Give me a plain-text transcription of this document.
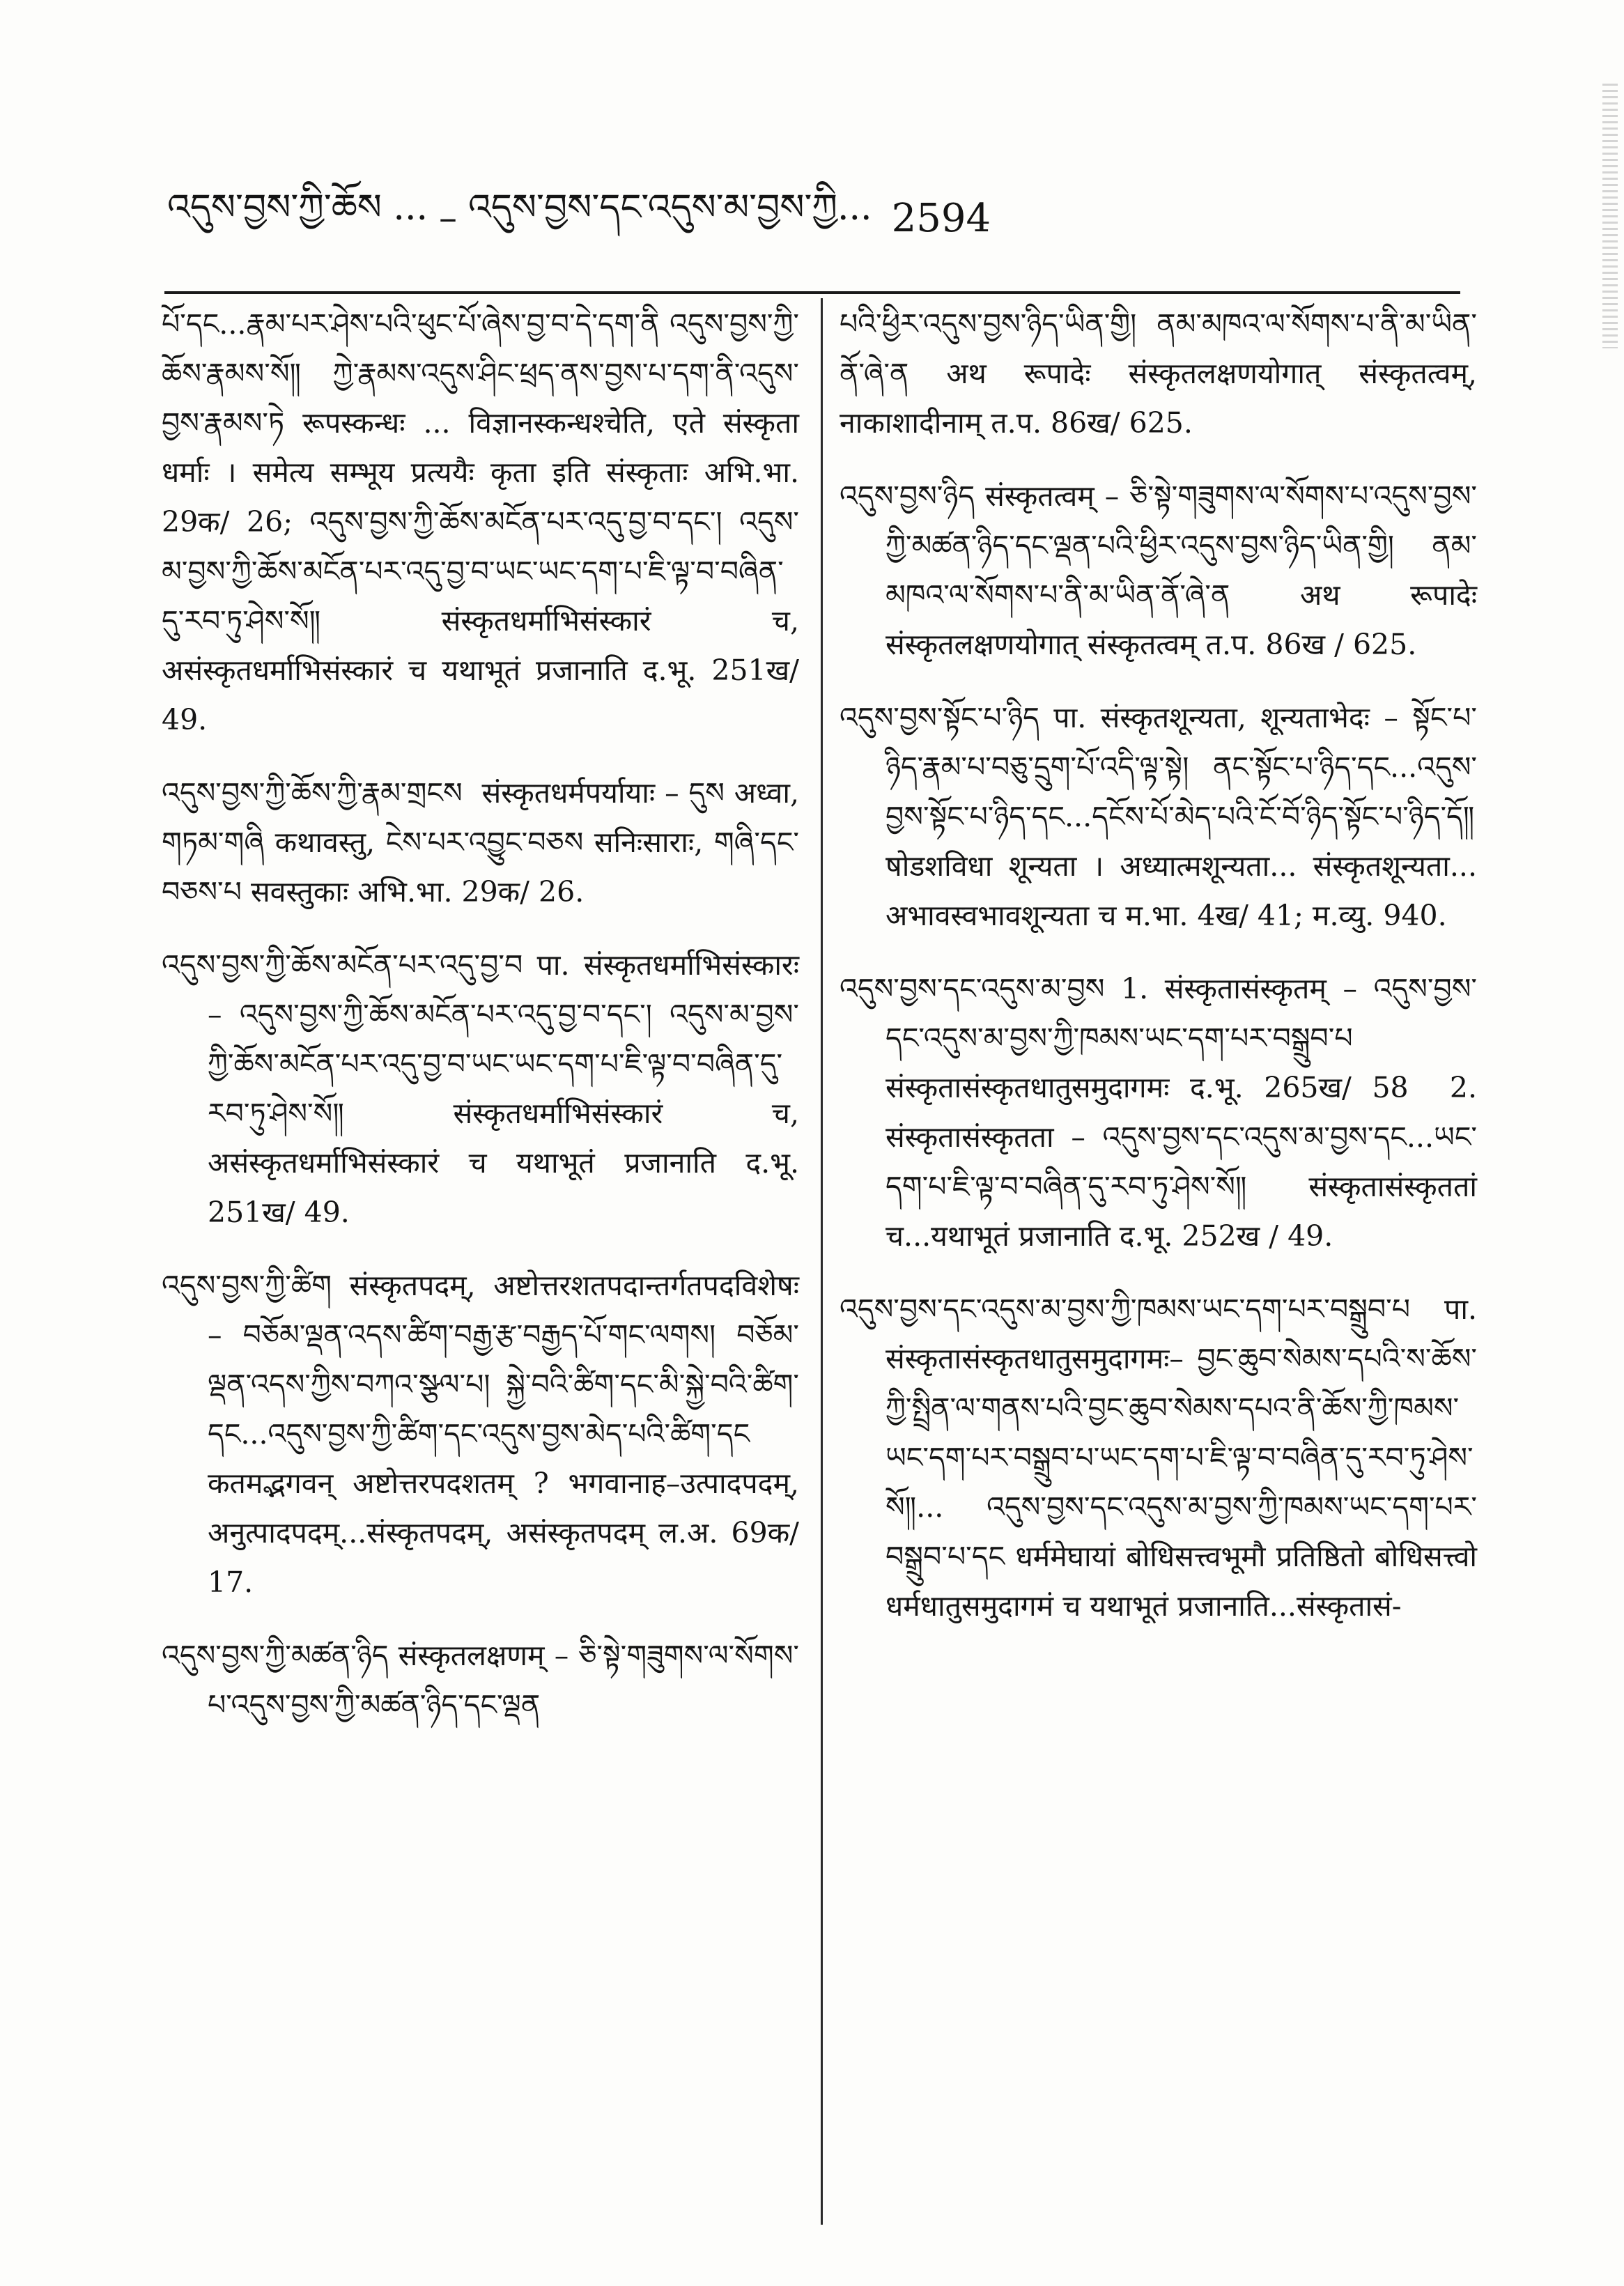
འདུས་བྱས་ཀྱི་ཆོས ... – འདུས་བྱས་དང་འདུས་མ་བྱས་ཀྱི... 2594

པོ་དང...རྣམ་པར་ཤེས་པའི་ཕུང་པོ་ཞེས་བྱ་བ་དེ་དག་ནི འདུས་བྱས་ཀྱི་ཆོས་རྣམས་སོ༎ ཀྱེ་རྣམས་འདུས་ཤིང་ཕྲད་ནས་བྱས་པ་དག་ནི་འདུས་བྱས་རྣམས་ཏེ रूपस्कन्धः ... विज्ञानस्कन्धश्चेति, एते संस्कृता धर्माः । समेत्य सम्भूय प्रत्ययैः कृता इति संस्कृताः अभि.भा. 29क/ 26; འདུས་བྱས་ཀྱི་ཆོས་མངོན་པར་འདུ་བྱ་བ་དང་། འདུས་མ་བྱས་ཀྱི་ཆོས་མངོན་པར་འདུ་བྱ་བ་ཡང་ཡང་དག་པ་ཇི་ལྟ་བ་བཞིན་དུ་རབ་ཏུ་ཤེས་སོ༎ संस्कृतधर्माभिसंस्कारं च, असंस्कृतधर्माभिसंस्कारं च यथाभूतं प्रजानाति द.भू. 251ख/ 49.

འདུས་བྱས་ཀྱི་ཆོས་ཀྱི་རྣམ་གྲངས  संस्कृतधर्मपर्यायाः – དུས अध्वा, གཏམ་གཞི कथावस्तु, ངེས་པར་འབྱུང་བཅས सनिःसाराः, གཞི་དང་བཅས་པ सवस्तुकाः अभि.भा. 29क/ 26.

འདུས་བྱས་ཀྱི་ཆོས་མངོན་པར་འདུ་བྱ་བ पा. संस्कृतधर्माभिसंस्कारः – འདུས་བྱས་ཀྱི་ཆོས་མངོན་པར་འདུ་བྱ་བ་དང་། འདུས་མ་བྱས་ཀྱི་ཆོས་མངོན་པར་འདུ་བྱ་བ་ཡང་ཡང་དག་པ་ཇི་ལྟ་བ་བཞིན་དུ་རབ་ཏུ་ཤེས་སོ༎ संस्कृतधर्माभिसंस्कारं च, असंस्कृतधर्माभिसंस्कारं च यथाभूतं प्रजानाति द.भू. 251ख/ 49.

འདུས་བྱས་ཀྱི་ཚིག संस्कृतपदम्, अष्टोत्तरशतपदान्तर्गतपदविशेषः – བཅོམ་ལྡན་འདས་ཚིག་བརྒྱ་རྩ་བརྒྱད་པོ་གང་ལགས། བཅོམ་ལྡན་འདས་ཀྱིས་བཀའ་སྩལ་པ། སྐྱེ་བའི་ཚིག་དང་མི་སྐྱེ་བའི་ཚིག་དང...འདུས་བྱས་ཀྱི་ཚིག་དང་འདུས་བྱས་མེད་པའི་ཚིག་དང कतमद्भगवन् अष्टोत्तरपदशतम् ? भगवानाह–उत्पादपदम्, अनुत्पादपदम्...संस्कृतपदम्, असंस्कृतपदम् ल.अ. 69क/ 17.

འདུས་བྱས་ཀྱི་མཚན་ཉིད संस्कृतलक्षणम् – ཅི་སྟེ་གཟུགས་ལ་སོགས་པ་འདུས་བྱས་ཀྱི་མཚན་ཉིད་དང་ལྡན

པའི་ཕྱིར་འདུས་བྱས་ཉིད་ཡིན་གྱི། ནམ་མཁའ་ལ་སོགས་པ་ནི་མ་ཡིན་ནོ་ཞེ་ན अथ रूपादेः संस्कृतलक्षणयोगात् संस्कृतत्वम्, नाकाशादीनाम् त.प. 86ख/ 625.

འདུས་བྱས་ཉིད संस्कृतत्वम् – ཅི་སྟེ་གཟུགས་ལ་སོགས་པ་འདུས་བྱས་ཀྱི་མཚན་ཉིད་དང་ལྡན་པའི་ཕྱིར་འདུས་བྱས་ཉིད་ཡིན་གྱི། ནམ་མཁའ་ལ་སོགས་པ་ནི་མ་ཡིན་ནོ་ཞེ་ན अथ रूपादेः संस्कृतलक्षणयोगात् संस्कृतत्वम् त.प. 86ख / 625.

འདུས་བྱས་སྟོང་པ་ཉིད पा. संस्कृतशून्यता, शून्यताभेदः – སྟོང་པ་ཉིད་རྣམ་པ་བཅུ་དྲུག་པོ་འདི་ལྟ་སྟེ། ནང་སྟོང་པ་ཉིད་དང...འདུས་བྱས་སྟོང་པ་ཉིད་དང...དངོས་པོ་མེད་པའི་ངོ་བོ་ཉིད་སྟོང་པ་ཉིད་དོ༎ षोडशविधा शून्यता । अध्यात्मशून्यता... संस्कृतशून्यता... अभावस्वभावशून्यता च म.भा. 4ख/ 41; म.व्यु. 940.

འདུས་བྱས་དང་འདུས་མ་བྱས 1. संस्कृतासंस्कृतम् – འདུས་བྱས་དང་འདུས་མ་བྱས་ཀྱི་ཁམས་ཡང་དག་པར་བསྒྲུབ་པ संस्कृतासंस्कृतधातुसमुदागमः द.भू. 265ख/ 58  2. संस्कृतासंस्कृतता – འདུས་བྱས་དང་འདུས་མ་བྱས་དང...ཡང་དག་པ་ཇི་ལྟ་བ་བཞིན་དུ་རབ་ཏུ་ཤེས་སོ༎ संस्कृतासंस्कृततां च...यथाभूतं प्रजानाति द.भू. 252ख / 49.

འདུས་བྱས་དང་འདུས་མ་བྱས་ཀྱི་ཁམས་ཡང་དག་པར་བསྒྲུབ་པ पा. संस्कृतासंस्कृतधातुसमुदागमः– བྱང་ཆུབ་སེམས་དཔའི་ས་ཆོས་ཀྱི་སྤྲིན་ལ་གནས་པའི་བྱང་ཆུབ་སེམས་དཔའ་ནི་ཆོས་ཀྱི་ཁམས་ཡང་དག་པར་བསྒྲུབ་པ་ཡང་དག་པ་ཇི་ལྟ་བ་བཞིན་དུ་རབ་ཏུ་ཤེས་སོ༎... འདུས་བྱས་དང་འདུས་མ་བྱས་ཀྱི་ཁམས་ཡང་དག་པར་བསྒྲུབ་པ་དང धर्ममेघायां बोधिसत्त्वभूमौ प्रतिष्ठितो बोधिसत्त्वो धर्मधातुसमुदागमं च यथाभूतं प्रजानाति...संस्कृतासं-
